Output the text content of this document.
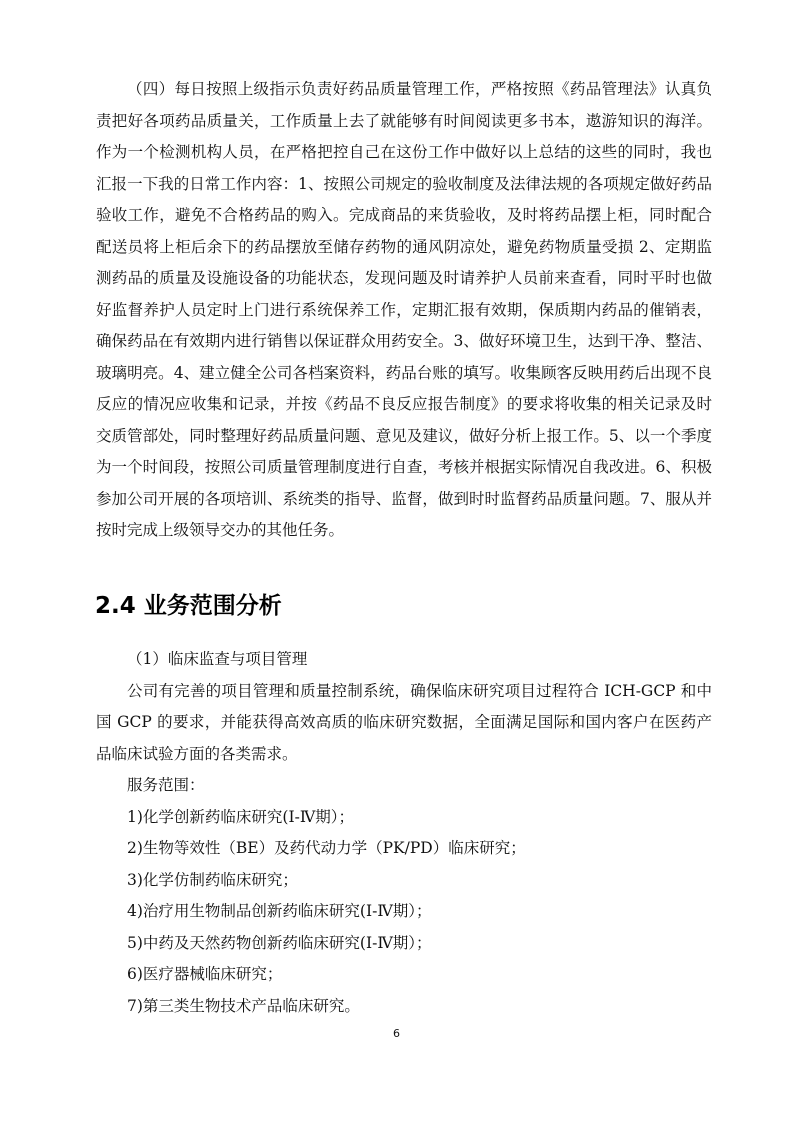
（四）每日按照上级指示负责好药品质量管理工作，严格按照《药品管理法》认真负责把好各项药品质量关，工作质量上去了就能够有时间阅读更多书本，遨游知识的海洋。作为一个检测机构人员，在严格把控自己在这份工作中做好以上总结的这些的同时，我也汇报一下我的日常工作内容：1、按照公司规定的验收制度及法律法规的各项规定做好药品验收工作，避免不合格药品的购入。完成商品的来货验收，及时将药品摆上柜，同时配合配送员将上柜后余下的药品摆放至储存药物的通风阴凉处，避免药物质量受损 2、定期监测药品的质量及设施设备的功能状态，发现问题及时请养护人员前来查看，同时平时也做好监督养护人员定时上门进行系统保养工作，定期汇报有效期，保质期内药品的催销表，确保药品在有效期内进行销售以保证群众用药安全。3、做好环境卫生，达到干净、整洁、玻璃明亮。4、建立健全公司各档案资料，药品台账的填写。收集顾客反映用药后出现不良反应的情况应收集和记录，并按《药品不良反应报告制度》的要求将收集的相关记录及时交质管部处，同时整理好药品质量问题、意见及建议，做好分析上报工作。5、以一个季度为一个时间段，按照公司质量管理制度进行自查，考核并根据实际情况自我改进。6、积极参加公司开展的各项培训、系统类的指导、监督，做到时时监督药品质量问题。7、服从并按时完成上级领导交办的其他任务。

2.4 业务范围分析

（1）临床监查与项目管理

公司有完善的项目管理和质量控制系统，确保临床研究项目过程符合 ICH-GCP 和中国 GCP 的要求，并能获得高效高质的临床研究数据，全面满足国际和国内客户在医药产品临床试验方面的各类需求。

服务范围：

1)化学创新药临床研究(Ⅰ-Ⅳ期）；

2)生物等效性（BE）及药代动力学（PK/PD）临床研究；

3)化学仿制药临床研究；

4)治疗用生物制品创新药临床研究(Ⅰ-Ⅳ期）；

5)中药及天然药物创新药临床研究(Ⅰ-Ⅳ期）；

6)医疗器械临床研究；

7)第三类生物技术产品临床研究。

6
